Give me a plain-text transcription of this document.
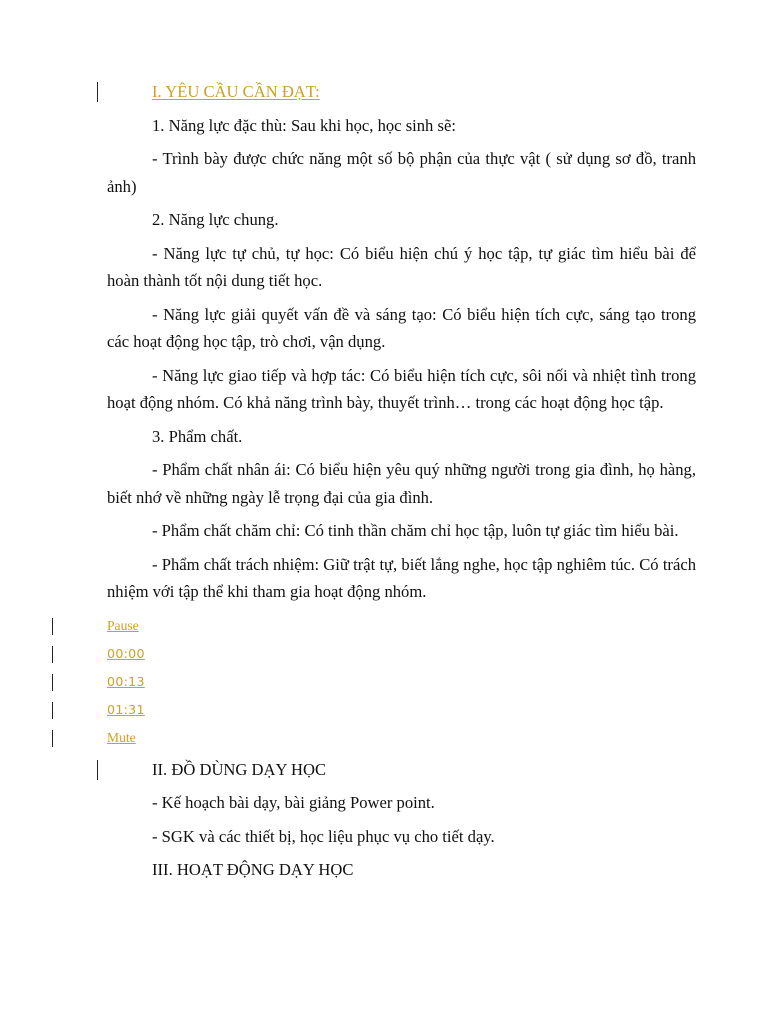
I. YÊU CẦU CẦN ĐẠT:

1. Năng lực đặc thù: Sau khi học, học sinh sẽ:

- Trình bày được chức năng một số bộ phận của thực vật ( sử dụng sơ đồ, tranh ảnh)

2. Năng lực chung.

- Năng lực tự chủ, tự học: Có biểu hiện chú ý học tập, tự giác tìm hiểu bài để hoàn thành tốt nội dung tiết học.

- Năng lực giải quyết vấn đề và sáng tạo: Có biểu hiện tích cực, sáng tạo trong các hoạt động học tập, trò chơi, vận dụng.

- Năng lực giao tiếp và hợp tác: Có biểu hiện tích cực, sôi nối và nhiệt tình trong hoạt động nhóm. Có khả năng trình bày, thuyết trình… trong các hoạt động học tập.

3. Phẩm chất.

- Phẩm chất nhân ái: Có biểu hiện yêu quý những người trong gia đình, họ hàng, biết nhớ về những ngày lễ trọng đại của gia đình.

- Phẩm chất chăm chỉ: Có tinh thần chăm chỉ học tập, luôn tự giác tìm hiểu bài.

- Phẩm chất trách nhiệm: Giữ trật tự, biết lắng nghe, học tập nghiêm túc. Có trách nhiệm với tập thể khi tham gia hoạt động nhóm.

Pause
00:00
00:13
01:31
Mute
II. ĐỒ DÙNG DẠY HỌC

- Kế hoạch bài dạy, bài giảng Power point.

- SGK và các thiết bị, học liệu phục vụ cho tiết dạy.

III. HOẠT ĐỘNG DẠY HỌC
